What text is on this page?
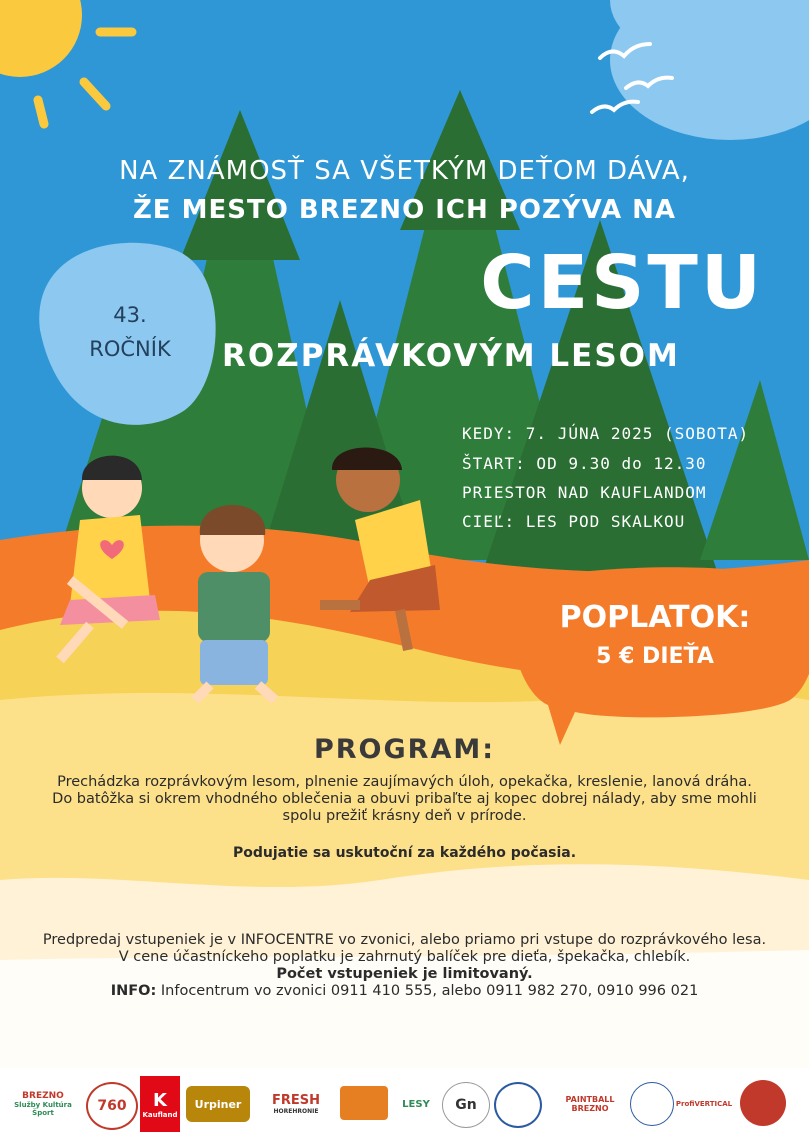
NA ZNÁMOSŤ SA VŠETKÝM DEŤOM DÁVA,
ŽE MESTO BREZNO ICH POZÝVA NA
CESTU
ROZPRÁVKOVÝM LESOM
43.
ROČNÍK
KEDY: 7. JÚNA 2025 (SOBOTA)
ŠTART: OD 9.30 do 12.30
PRIESTOR NAD KAUFLANDOM
CIEĽ: LES POD SKALKOU
POPLATOK:
5 € DIEŤA
PROGRAM:
Prechádzka rozprávkovým lesom, plnenie zaujímavých úloh, opekačka, kreslenie, lanová dráha. Do batôžka si okrem vhodného oblečenia a obuvi pribaľte aj kopec dobrej nálady, aby sme mohli spolu prežiť krásny deň v prírode.
Podujatie sa uskutoční za každého počasia.
Predpredaj vstupeniek je v INFOCENTRE vo zvonici, alebo priamo pri vstupe do rozprávkového lesa.
V cene účastníckeho poplatku je zahrnutý balíček pre dieťa, špekačka, chlebík.
Počet vstupeniek je limitovaný.
INFO: Infocentrum vo zvonici 0911 410 555, alebo 0911 982 270, 0910 996 021
BREZNO
Služby Kultúra Šport	760	K
Kaufland
Urpiner	FRESH
HOREHRONIE
LESY	Gn	PAINTBALL BREZNO	ProfiVERTICAL
